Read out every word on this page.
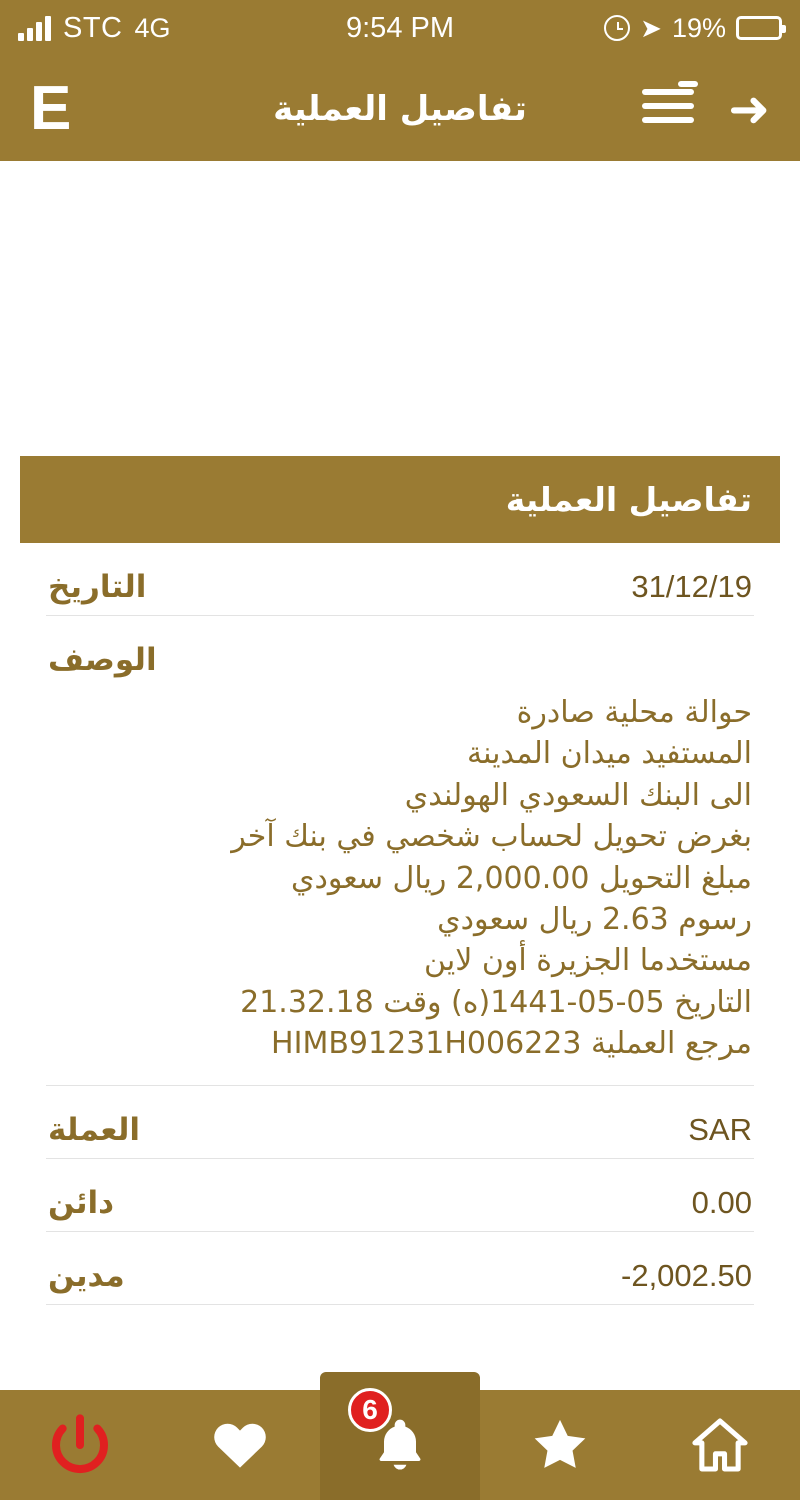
STC 4G	9:54 PM	➤ 19%
➜
تفاصيل العملية
E
تفاصيل العملية
31/12/19
التاريخ
الوصف
حوالة محلية صادرة
المستفيد ميدان المدينة
الى البنك السعودي الهولندي
بغرض تحويل لحساب شخصي في بنك آخر
مبلغ التحويل 2,000.00 ريال سعودي
رسوم 2.63 ريال سعودي
مستخدما الجزيرة أون لاين
التاريخ 05-05-1441(ه) وقت 21.32.18
مرجع العملية HIMB91231H006223
SAR
العملة
0.00
دائن
-2,002.50
مدين
6
